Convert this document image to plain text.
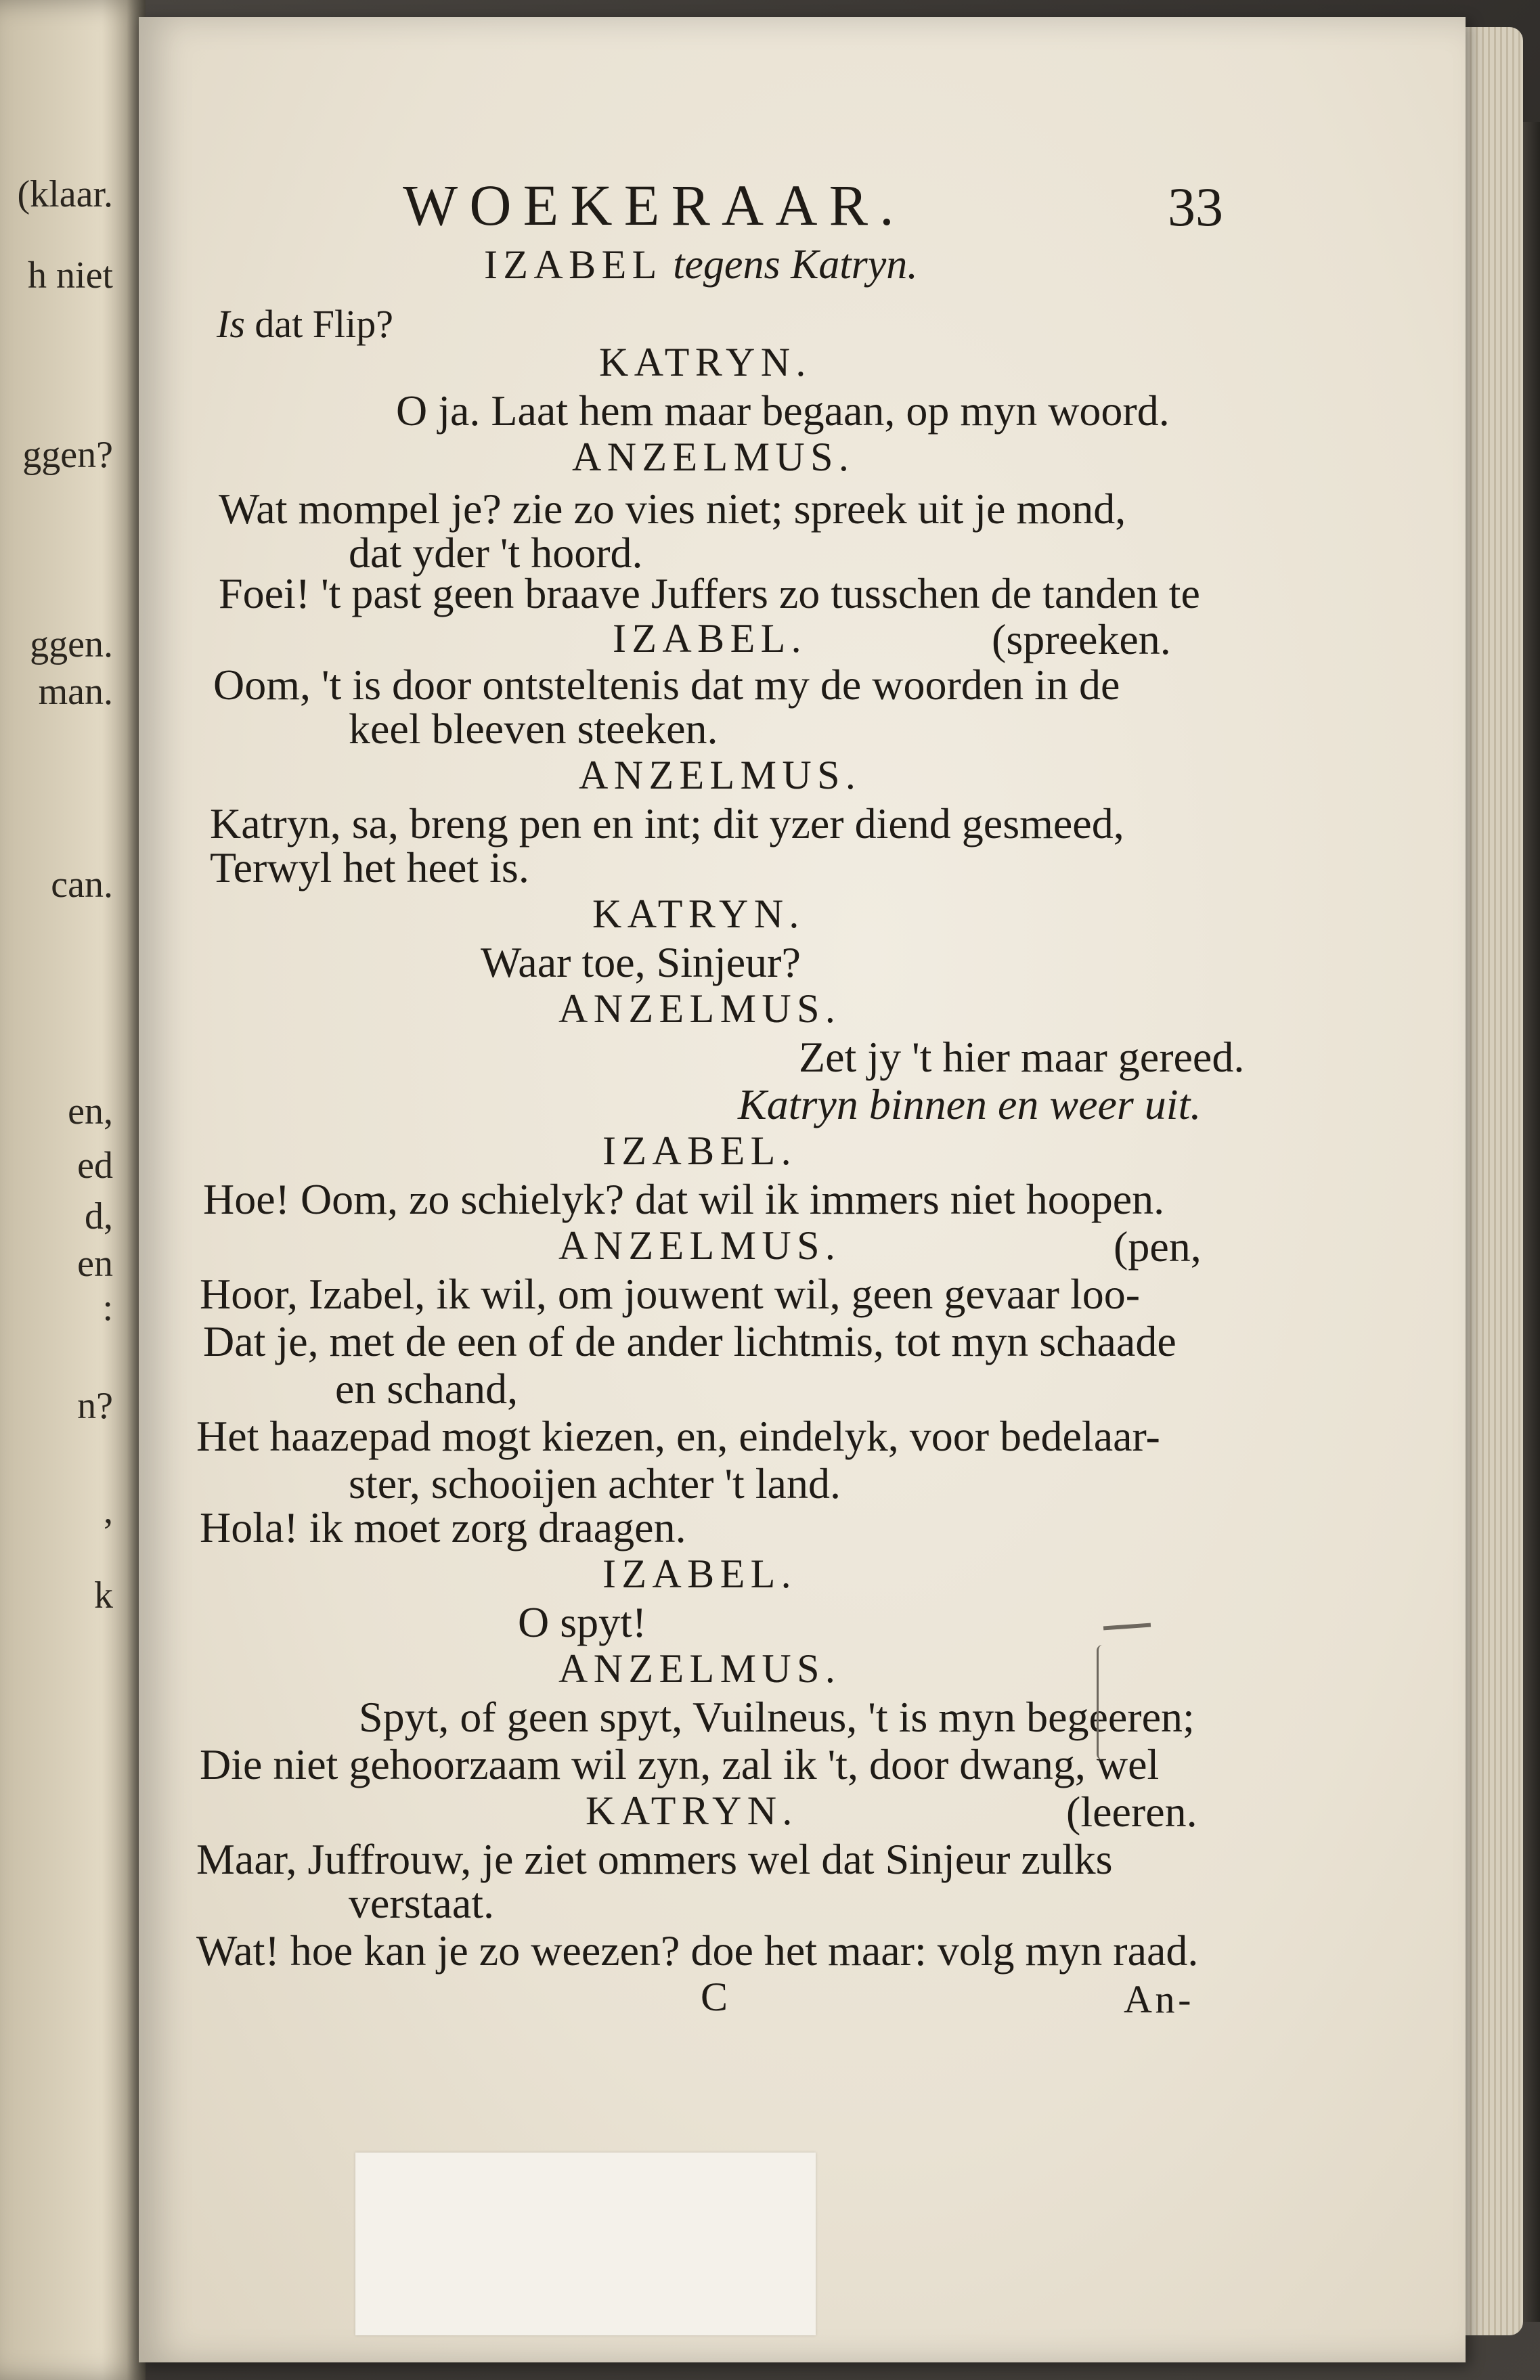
(klaar.
h niet
ggen?
ggen.
man.
can.
en,
ed
d,
en
:
n?
,
k
WOEKERAAR.	33
IZABEL tegens Katryn.
Is dat Flip?
KATRYN.
O ja. Laat hem maar begaan, op myn woord.
ANZELMUS.
Wat mompel je? zie zo vies niet; spreek uit je mond,
dat yder 't hoord.
Foei! 't past geen braave Juffers zo tusschen de tanden te
IZABEL.	(spreeken.
Oom, 't is door ontsteltenis dat my de woorden in de
keel bleeven steeken.
ANZELMUS.
Katryn, sa, breng pen en int; dit yzer diend gesmeed,
Terwyl het heet is.
KATRYN.
Waar toe, Sinjeur?
ANZELMUS.
Zet jy 't hier maar gereed.
Katryn binnen en weer uit.
IZABEL.
Hoe! Oom, zo schielyk? dat wil ik immers niet hoopen.
ANZELMUS.	(pen,
Hoor, Izabel, ik wil, om jouwent wil, geen gevaar loo-
Dat je, met de een of de ander lichtmis, tot myn schaade
en schand,
Het haazepad mogt kiezen, en, eindelyk, voor bedelaar-
ster, schooijen achter 't land.
Hola! ik moet zorg draagen.
IZABEL.
O spyt!
ANZELMUS.
Spyt, of geen spyt, Vuilneus, 't is myn begeeren;
Die niet gehoorzaam wil zyn, zal ik 't, door dwang, wel
KATRYN.	(leeren.
Maar, Juffrouw, je ziet ommers wel dat Sinjeur zulks
verstaat.
Wat! hoe kan je zo weezen? doe het maar: volg myn raad.
C	An-
